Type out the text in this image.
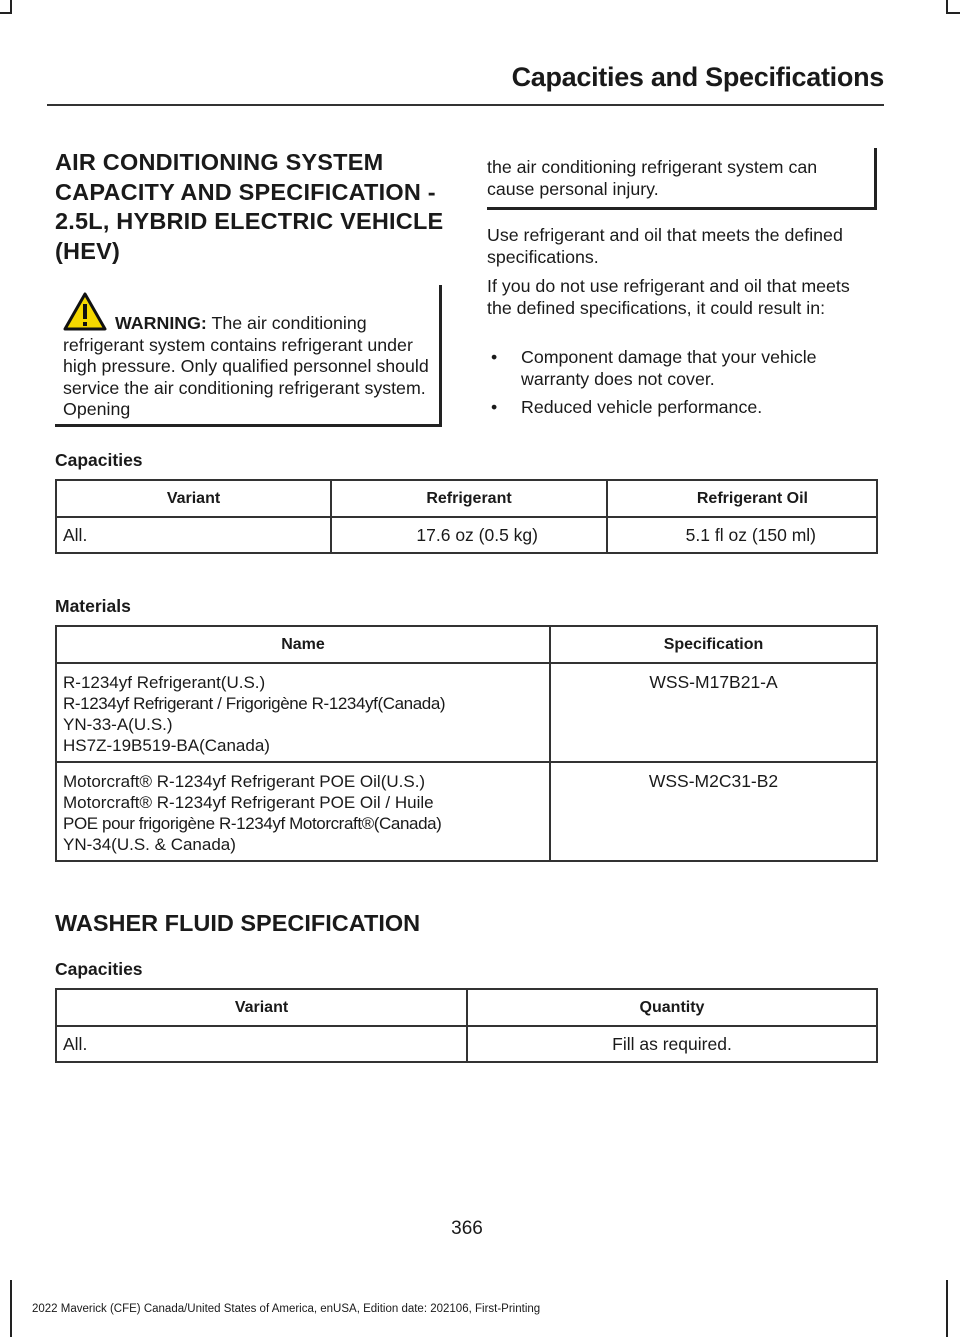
Capacities and Specifications
AIR CONDITIONING SYSTEM CAPACITY AND SPECIFICATION - 2.5L, HYBRID ELECTRIC VEHICLE (HEV)
WARNING: The air conditioning refrigerant system contains refrigerant under high pressure. Only qualified personnel should service the air conditioning refrigerant system. Opening
the air conditioning refrigerant system can cause personal injury.
Use refrigerant and oil that meets the defined specifications.
If you do not use refrigerant and oil that meets the defined specifications, it could result in:
• Component damage that your vehicle warranty does not cover.
• Reduced vehicle performance.
Capacities
Variant	Refrigerant	Refrigerant Oil
All.	17.6 oz (0.5 kg)	5.1 fl oz (150 ml)
Materials
Name	Specification

R-1234yf Refrigerant(U.S.)
R-1234yf Refrigerant / Frigorigène R-1234yf(Canada)
YN-33-A(U.S.)
HS7Z-19B519-BA(Canada)	WSS-M17B21-A

Motorcraft® R-1234yf Refrigerant POE Oil(U.S.)
Motorcraft® R-1234yf Refrigerant POE Oil / Huile
POE pour frigorigène R-1234yf Motorcraft®(Canada)
YN-34(U.S. & Canada)	WSS-M2C31-B2
WASHER FLUID SPECIFICATION
Capacities
Variant	Quantity
All.	Fill as required.
366
2022 Maverick (CFE) Canada/United States of America, enUSA, Edition date: 202106, First-Printing
